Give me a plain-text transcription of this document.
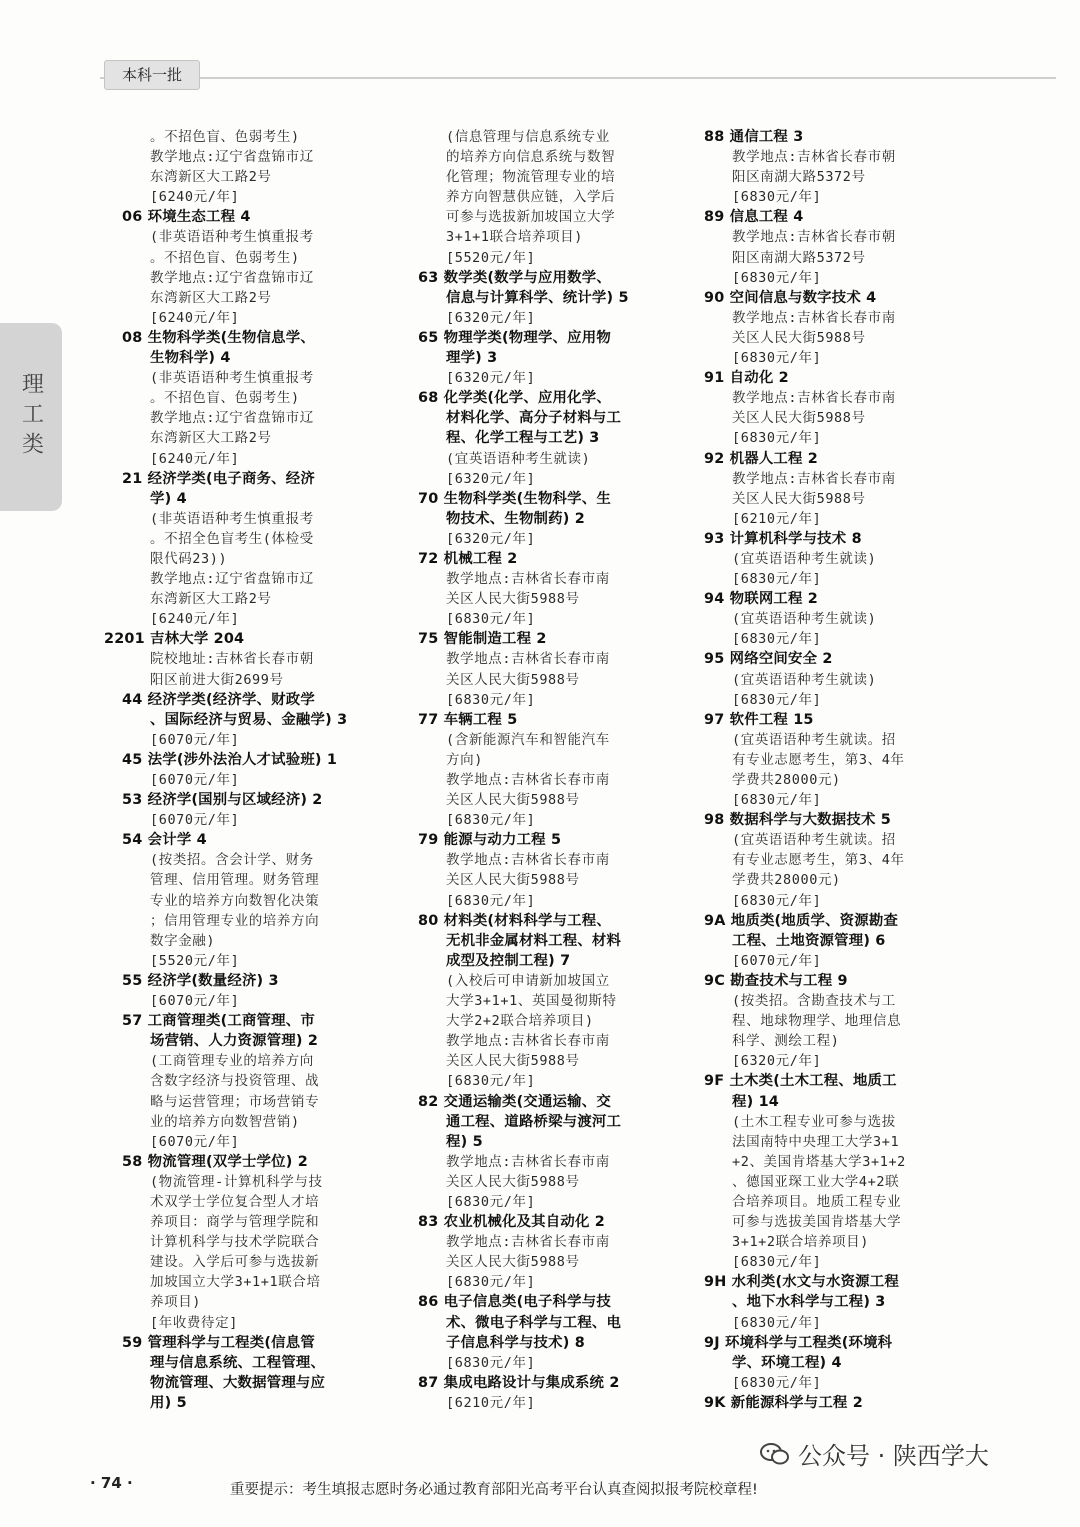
本科一批
理工类
。不招色盲、色弱考生)
教学地点:辽宁省盘锦市辽
东湾新区大工路2号
[6240元/年]
06 环境生态工程 4
(非英语语种考生慎重报考
。不招色盲、色弱考生)
教学地点:辽宁省盘锦市辽
东湾新区大工路2号
[6240元/年]
08 生物科学类(生物信息学、
生物科学) 4
(非英语语种考生慎重报考
。不招色盲、色弱考生)
教学地点:辽宁省盘锦市辽
东湾新区大工路2号
[6240元/年]
21 经济学类(电子商务、经济
学) 4
(非英语语种考生慎重报考
。不招全色盲考生(体检受
限代码23))
教学地点:辽宁省盘锦市辽
东湾新区大工路2号
[6240元/年]
2201 吉林大学 204
院校地址:吉林省长春市朝
阳区前进大街2699号
44 经济学类(经济学、财政学
、国际经济与贸易、金融学) 3
[6070元/年]
45 法学(涉外法治人才试验班) 1
[6070元/年]
53 经济学(国别与区域经济) 2
[6070元/年]
54 会计学 4
(按类招。含会计学、财务
管理、信用管理。财务管理
专业的培养方向数智化决策
；信用管理专业的培养方向
数字金融)
[5520元/年]
55 经济学(数量经济) 3
[6070元/年]
57 工商管理类(工商管理、市
场营销、人力资源管理) 2
(工商管理专业的培养方向
含数字经济与投资管理、战
略与运营管理；市场营销专
业的培养方向数智营销)
[6070元/年]
58 物流管理(双学士学位) 2
(物流管理-计算机科学与技
术双学士学位复合型人才培
养项目：商学与管理学院和
计算机科学与技术学院联合
建设。入学后可参与选拔新
加坡国立大学3+1+1联合培
养项目)
[年收费待定]
59 管理科学与工程类(信息管
理与信息系统、工程管理、
物流管理、大数据管理与应
用) 5
(信息管理与信息系统专业
的培养方向信息系统与数智
化管理；物流管理专业的培
养方向智慧供应链，入学后
可参与选拔新加坡国立大学
3+1+1联合培养项目)
[5520元/年]
63 数学类(数学与应用数学、
信息与计算科学、统计学) 5
[6320元/年]
65 物理学类(物理学、应用物
理学) 3
[6320元/年]
68 化学类(化学、应用化学、
材料化学、高分子材料与工
程、化学工程与工艺) 3
(宜英语语种考生就读)
[6320元/年]
70 生物科学类(生物科学、生
物技术、生物制药) 2
[6320元/年]
72 机械工程 2
教学地点:吉林省长春市南
关区人民大街5988号
[6830元/年]
75 智能制造工程 2
教学地点:吉林省长春市南
关区人民大街5988号
[6830元/年]
77 车辆工程 5
(含新能源汽车和智能汽车
方向)
教学地点:吉林省长春市南
关区人民大街5988号
[6830元/年]
79 能源与动力工程 5
教学地点:吉林省长春市南
关区人民大街5988号
[6830元/年]
80 材料类(材料科学与工程、
无机非金属材料工程、材料
成型及控制工程) 7
(入校后可申请新加坡国立
大学3+1+1、英国曼彻斯特
大学2+2联合培养项目)
教学地点:吉林省长春市南
关区人民大街5988号
[6830元/年]
82 交通运输类(交通运输、交
通工程、道路桥梁与渡河工
程) 5
教学地点:吉林省长春市南
关区人民大街5988号
[6830元/年]
83 农业机械化及其自动化 2
教学地点:吉林省长春市南
关区人民大街5988号
[6830元/年]
86 电子信息类(电子科学与技
术、微电子科学与工程、电
子信息科学与技术) 8
[6830元/年]
87 集成电路设计与集成系统 2
[6210元/年]
88 通信工程 3
教学地点:吉林省长春市朝
阳区南湖大路5372号
[6830元/年]
89 信息工程 4
教学地点:吉林省长春市朝
阳区南湖大路5372号
[6830元/年]
90 空间信息与数字技术 4
教学地点:吉林省长春市南
关区人民大街5988号
[6830元/年]
91 自动化 2
教学地点:吉林省长春市南
关区人民大街5988号
[6830元/年]
92 机器人工程 2
教学地点:吉林省长春市南
关区人民大街5988号
[6210元/年]
93 计算机科学与技术 8
(宜英语语种考生就读)
[6830元/年]
94 物联网工程 2
(宜英语语种考生就读)
[6830元/年]
95 网络空间安全 2
(宜英语语种考生就读)
[6830元/年]
97 软件工程 15
(宜英语语种考生就读。招
有专业志愿考生，第3、4年
学费共28000元)
[6830元/年]
98 数据科学与大数据技术 5
(宜英语语种考生就读。招
有专业志愿考生，第3、4年
学费共28000元)
[6830元/年]
9A 地质类(地质学、资源勘查
工程、土地资源管理) 6
[6070元/年]
9C 勘查技术与工程 9
(按类招。含勘查技术与工
程、地球物理学、地理信息
科学、测绘工程)
[6320元/年]
9F 土木类(土木工程、地质工
程) 14
(土木工程专业可参与选拔
法国南特中央理工大学3+1
+2、美国肯塔基大学3+1+2
、德国亚琛工业大学4+2联
合培养项目。地质工程专业
可参与选拔美国肯塔基大学
3+1+2联合培养项目)
[6830元/年]
9H 水利类(水文与水资源工程
、地下水科学与工程) 3
[6830元/年]
9J 环境科学与工程类(环境科
学、环境工程) 4
[6830元/年]
9K 新能源科学与工程 2
· 74 ·	重要提示：考生填报志愿时务必通过教育部阳光高考平台认真查阅拟报考院校章程!
公众号 · 陕西学大
